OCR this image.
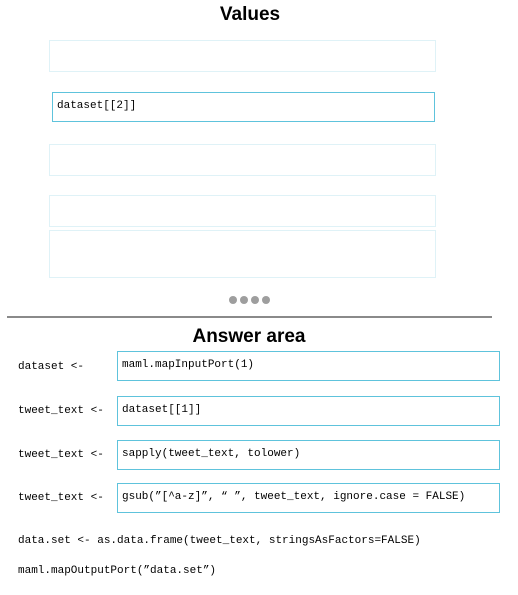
Values
dataset[[2]]
Answer area
dataset <-	maml.mapInputPort(1)
tweet_text <- dataset[[1]]
tweet_text <- sapply(tweet_text, tolower)
tweet_text <- gsub(”[^a-z]”, “ ”, tweet_text, ignore.case = FALSE)
data.set <- as.data.frame(tweet_text, stringsAsFactors=FALSE)
maml.mapOutputPort(”data.set”)
